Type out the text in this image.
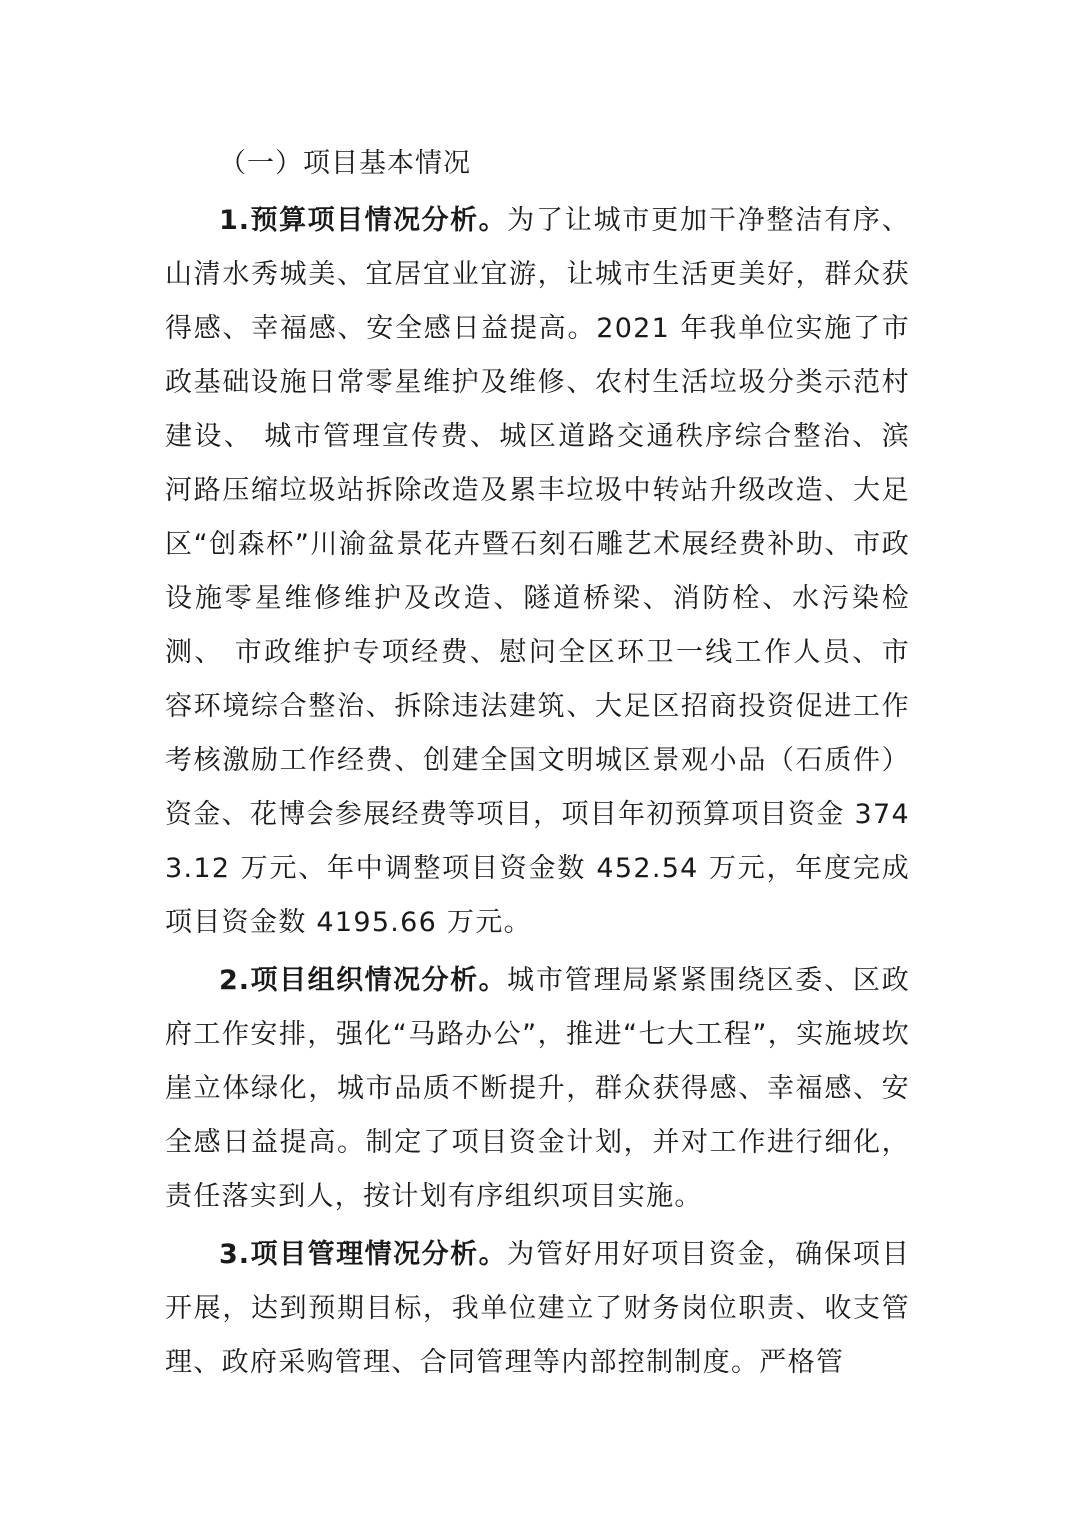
（一）项目基本情况

1.预算项目情况分析。为了让城市更加干净整洁有序、山清水秀城美、宜居宜业宜游，让城市生活更美好，群众获得感、幸福感、安全感日益提高。2021 年我单位实施了市政基础设施日常零星维护及维修、农村生活垃圾分类示范村建设、 城市管理宣传费、城区道路交通秩序综合整治、滨河路压缩垃圾站拆除改造及累丰垃圾中转站升级改造、大足区“创森杯”川渝盆景花卉暨石刻石雕艺术展经费补助、市政设施零星维修维护及改造、隧道桥梁、消防栓、水污染检测、 市政维护专项经费、慰问全区环卫一线工作人员、市容环境综合整治、拆除违法建筑、大足区招商投资促进工作考核激励工作经费、创建全国文明城区景观小品（石质件）资金、花博会参展经费等项目，项目年初预算项目资金 3743.12 万元、年中调整项目资金数 452.54 万元，年度完成项目资金数 4195.66 万元。

2.项目组织情况分析。城市管理局紧紧围绕区委、区政府工作安排，强化“马路办公”，推进“七大工程”，实施坡坎崖立体绿化，城市品质不断提升，群众获得感、幸福感、安全感日益提高。制定了项目资金计划，并对工作进行细化，责任落实到人，按计划有序组织项目实施。

3.项目管理情况分析。为管好用好项目资金，确保项目开展，达到预期目标，我单位建立了财务岗位职责、收支管理、政府采购管理、合同管理等内部控制制度。严格管
